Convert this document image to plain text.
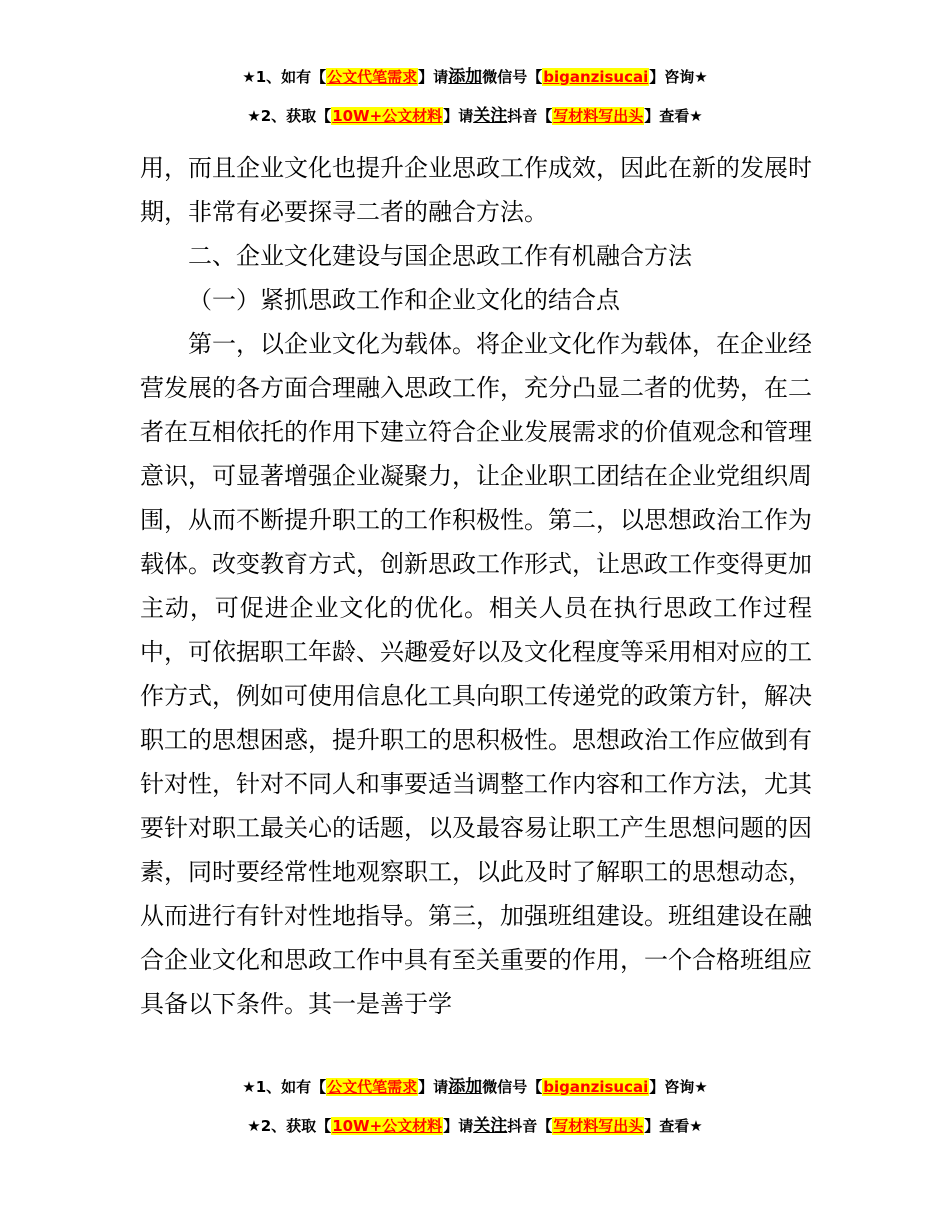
★1、如有【公文代笔需求】请添加微信号【biganzisucai】咨询★
★2、获取【10W+公文材料】请关注抖音【写材料写出头】查看★

用，而且企业文化也提升企业思政工作成效，因此在新的发展时期，非常有必要探寻二者的融合方法。

二、企业文化建设与国企思政工作有机融合方法

（一）紧抓思政工作和企业文化的结合点

第一，以企业文化为载体。将企业文化作为载体，在企业经营发展的各方面合理融入思政工作，充分凸显二者的优势，在二者在互相依托的作用下建立符合企业发展需求的价值观念和管理意识，可显著增强企业凝聚力，让企业职工团结在企业党组织周围，从而不断提升职工的工作积极性。第二，以思想政治工作为载体。改变教育方式，创新思政工作形式，让思政工作变得更加主动，可促进企业文化的优化。相关人员在执行思政工作过程中，可依据职工年龄、兴趣爱好以及文化程度等采用相对应的工作方式，例如可使用信息化工具向职工传递党的政策方针，解决职工的思想困惑，提升职工的思积极性。思想政治工作应做到有针对性，针对不同人和事要适当调整工作内容和工作方法，尤其要针对职工最关心的话题，以及最容易让职工产生思想问题的因素，同时要经常性地观察职工，以此及时了解职工的思想动态，从而进行有针对性地指导。第三，加强班组建设。班组建设在融合企业文化和思政工作中具有至关重要的作用，一个合格班组应具备以下条件。其一是善于学

★1、如有【公文代笔需求】请添加微信号【biganzisucai】咨询★
★2、获取【10W+公文材料】请关注抖音【写材料写出头】查看★
